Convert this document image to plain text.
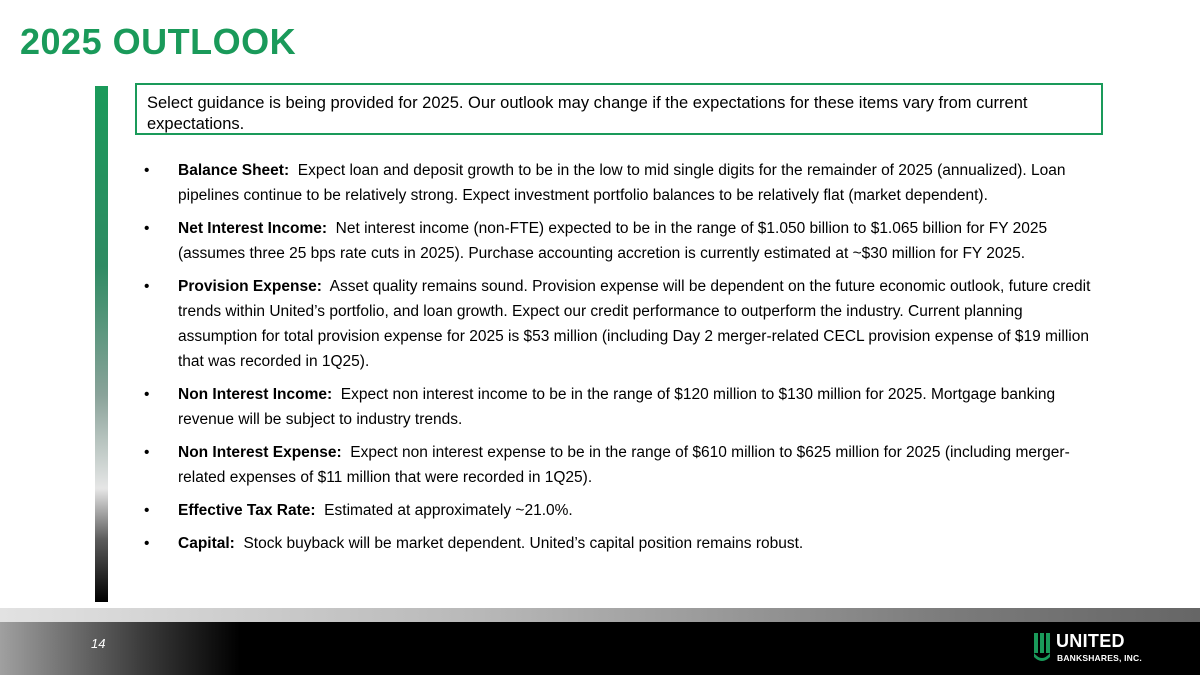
2025 OUTLOOK
Select guidance is being provided for 2025. Our outlook may change if the expectations for these items vary from current expectations.
• Balance Sheet: Expect loan and deposit growth to be in the low to mid single digits for the remainder of 2025 (annualized). Loan pipelines continue to be relatively strong. Expect investment portfolio balances to be relatively flat (market dependent).
• Net Interest Income: Net interest income (non-FTE) expected to be in the range of $1.050 billion to $1.065 billion for FY 2025 (assumes three 25 bps rate cuts in 2025). Purchase accounting accretion is currently estimated at ~$30 million for FY 2025.
• Provision Expense: Asset quality remains sound. Provision expense will be dependent on the future economic outlook, future credit trends within United’s portfolio, and loan growth. Expect our credit performance to outperform the industry. Current planning assumption for total provision expense for 2025 is $53 million (including Day 2 merger-related CECL provision expense of $19 million that was recorded in 1Q25).
• Non Interest Income: Expect non interest income to be in the range of $120 million to $130 million for 2025. Mortgage banking revenue will be subject to industry trends.
• Non Interest Expense: Expect non interest expense to be in the range of $610 million to $625 million for 2025 (including merger-related expenses of $11 million that were recorded in 1Q25).
• Effective Tax Rate: Estimated at approximately ~21.0%.
• Capital: Stock buyback will be market dependent. United’s capital position remains robust.
14	UNITED
BANKSHARES, INC.
